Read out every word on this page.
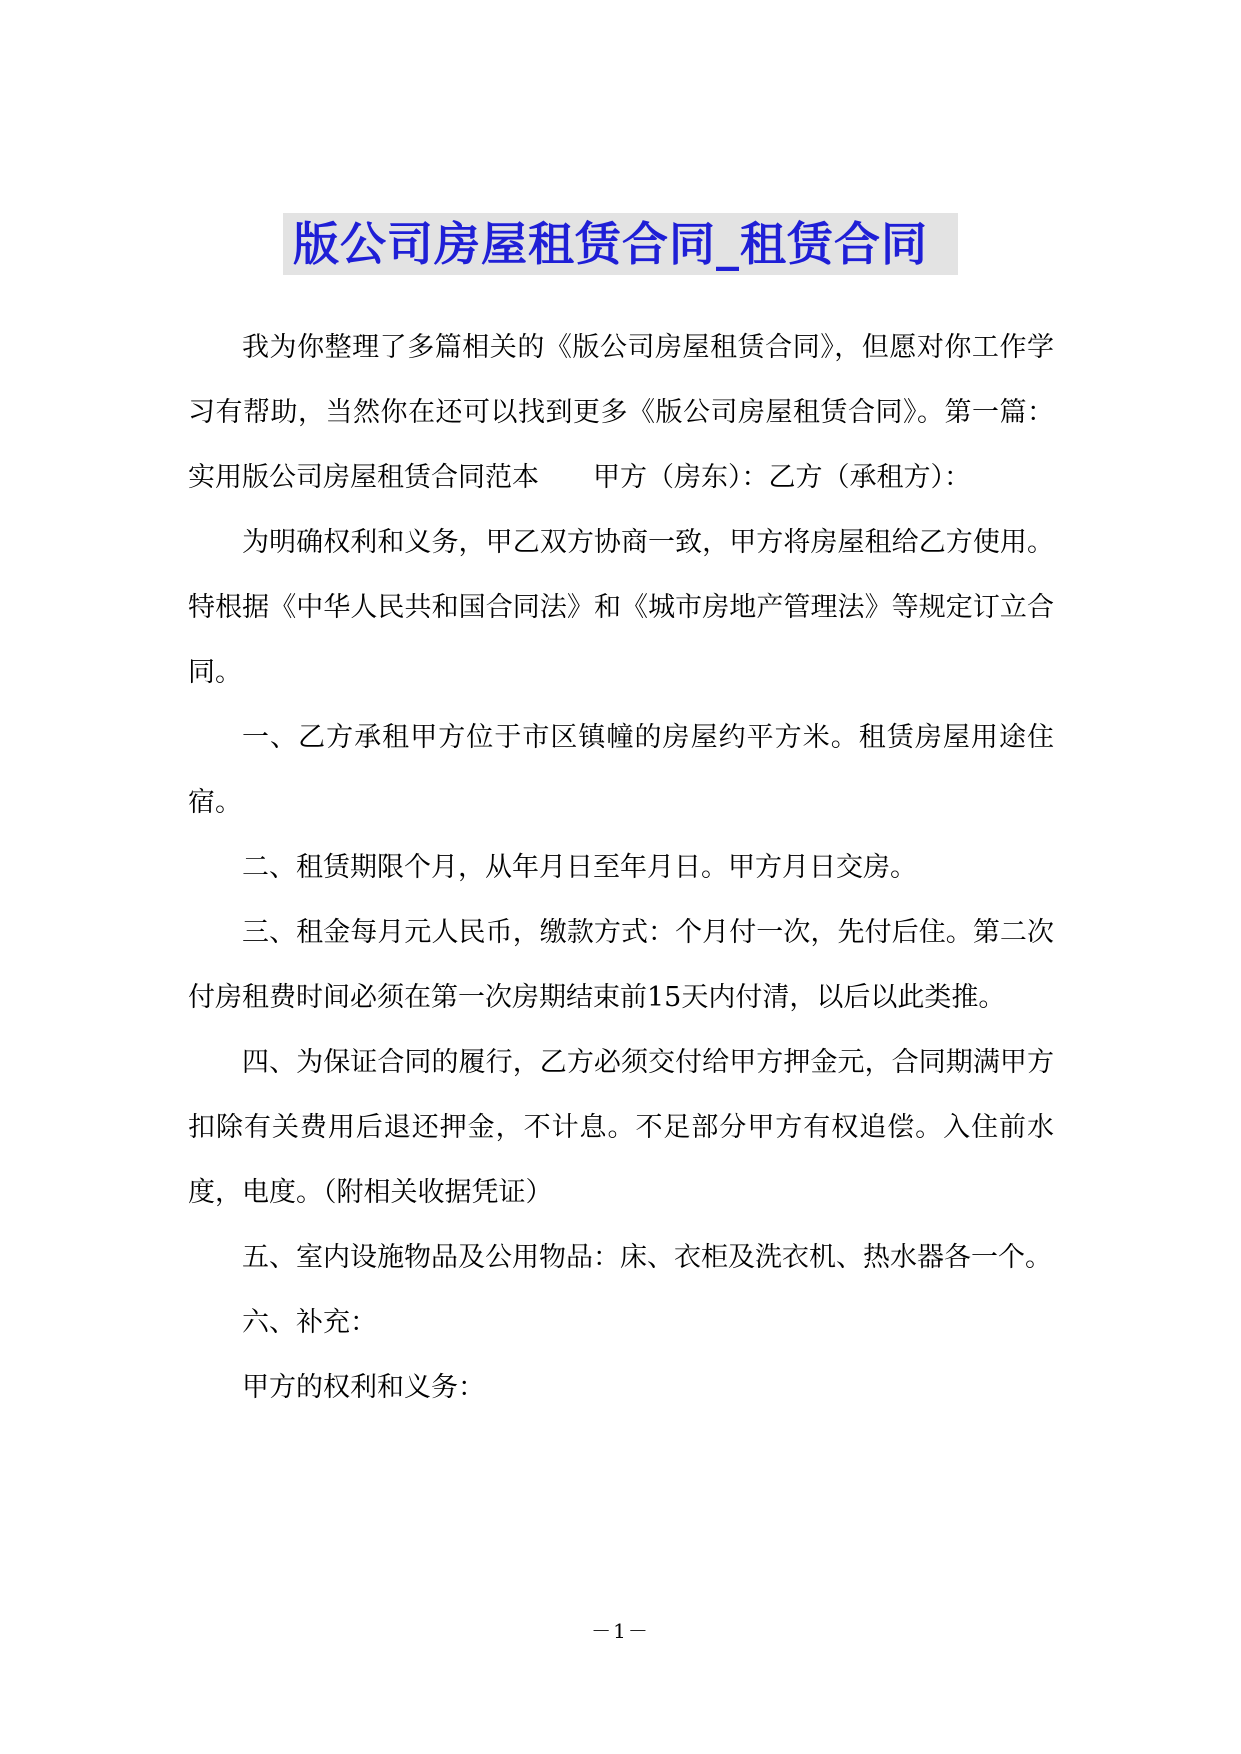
版公司房屋租赁合同_租赁合同

我为你整理了多篇相关的《版公司房屋租赁合同》，但愿对你工作学习有帮助，当然你在还可以找到更多《版公司房屋租赁合同》。第一篇：实用版公司房屋租赁合同范本　　甲方（房东）：乙方（承租方）：

为明确权利和义务，甲乙双方协商一致，甲方将房屋租给乙方使用。特根据《中华人民共和国合同法》和《城市房地产管理法》等规定订立合同。

一、乙方承租甲方位于市区镇幢的房屋约平方米。租赁房屋用途住宿。

二、租赁期限个月，从年月日至年月日。甲方月日交房。

三、租金每月元人民币，缴款方式：个月付一次，先付后住。第二次付房租费时间必须在第一次房期结束前15天内付清，以后以此类推。

四、为保证合同的履行，乙方必须交付给甲方押金元，合同期满甲方扣除有关费用后退还押金，不计息。不足部分甲方有权追偿。入住前水度，电度。（附相关收据凭证）

五、室内设施物品及公用物品：床、衣柜及洗衣机、热水器各一个。

六、补充：

甲方的权利和义务：

－1－
